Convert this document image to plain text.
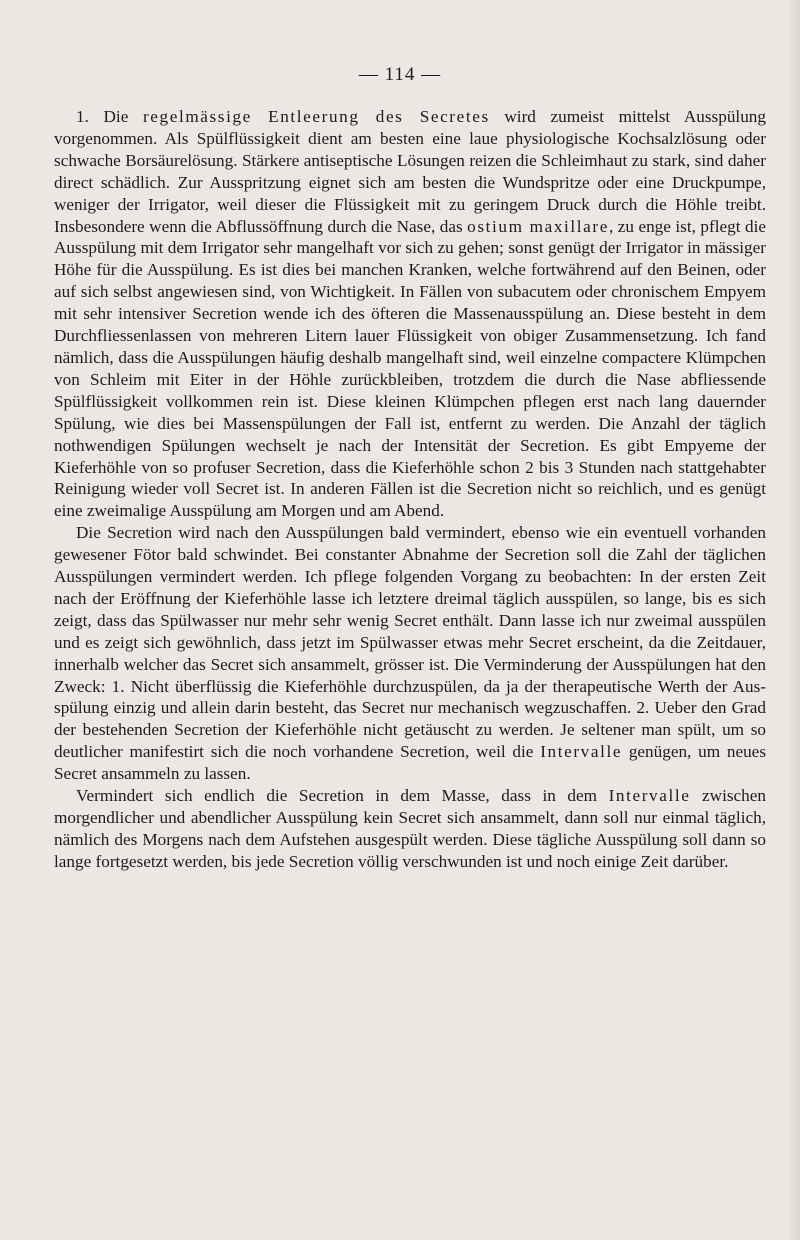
— 114 —

1. Die regelmässige Entleerung des Secretes wird zumeist mittelst Ausspülung vorgenommen. Als Spülflüssigkeit dient am besten eine laue physiologische Kochsalzlösung oder schwache Borsäurelösung. Stärkere antiseptische Lösungen reizen die Schleimhaut zu stark, sind daher direct schädlich. Zur Ausspritzung eignet sich am besten die Wundspritze oder eine Druckpumpe, weniger der Irrigator, weil dieser die Flüssigkeit mit zu geringem Druck durch die Höhle treibt. Insbesondere wenn die Abflussöffnung durch die Nase, das ostium maxillare, zu enge ist, pflegt die Ausspülung mit dem Irrigator sehr mangelhaft vor sich zu gehen; sonst genügt der Irrigator in mässiger Höhe für die Ausspülung. Es ist dies bei manchen Kranken, welche fortwährend auf den Beinen, oder auf sich selbst angewiesen sind, von Wichtigkeit. In Fällen von subacutem oder chronischem Empyem mit sehr intensiver Secretion wende ich des öfteren die Massenausspülung an. Diese besteht in dem Durchfliessenlassen von mehreren Litern lauer Flüssigkeit von obiger Zusammensetzung. Ich fand nämlich, dass die Ausspülungen häufig deshalb mangelhaft sind, weil einzelne compactere Klümpchen von Schleim mit Eiter in der Höhle zurückbleiben, trotzdem die durch die Nase abfliessende Spülflüssigkeit vollkommen rein ist. Diese kleinen Klümpchen pflegen erst nach lang dauernder Spülung, wie dies bei Massenspülungen der Fall ist, entfernt zu werden. Die Anzahl der täglich nothwendigen Spülungen wechselt je nach der Intensität der Secretion. Es gibt Empyeme der Kieferhöhle von so profuser Secretion, dass die Kieferhöhle schon 2 bis 3 Stunden nach stattgehabter Reinigung wieder voll Secret ist. In anderen Fällen ist die Secretion nicht so reichlich, und es genügt eine zweimalige Ausspülung am Morgen und am Abend.

Die Secretion wird nach den Ausspülungen bald vermindert, ebenso wie ein eventuell vorhanden gewesener Fötor bald schwindet. Bei constanter Abnahme der Secretion soll die Zahl der täglichen Ausspülungen vermindert werden. Ich pflege folgenden Vorgang zu beobachten: In der ersten Zeit nach der Eröffnung der Kieferhöhle lasse ich letztere dreimal täglich ausspülen, so lange, bis es sich zeigt, dass das Spülwasser nur mehr sehr wenig Secret enthält. Dann lasse ich nur zweimal ausspülen und es zeigt sich gewöhnlich, dass jetzt im Spülwasser etwas mehr Secret erscheint, da die Zeitdauer, innerhalb welcher das Secret sich ansammelt, grösser ist. Die Verminderung der Ausspülungen hat den Zweck: 1. Nicht überflüssig die Kieferhöhle durchzuspülen, da ja der therapeutische Werth der Ausspülung einzig und allein darin besteht, das Secret nur mechanisch wegzuschaffen. 2. Ueber den Grad der bestehenden Secretion der Kieferhöhle nicht getäuscht zu werden. Je seltener man spült, um so deutlicher manifestirt sich die noch vorhandene Secretion, weil die Intervalle genügen, um neues Secret ansammeln zu lassen.

Vermindert sich endlich die Secretion in dem Masse, dass in dem Intervalle zwischen morgendlicher und abendlicher Ausspülung kein Secret sich ansammelt, dann soll nur einmal täglich, nämlich des Morgens nach dem Aufstehen ausgespült werden. Diese tägliche Ausspülung soll dann so lange fortgesetzt werden, bis jede Secretion völlig verschwunden ist und noch einige Zeit darüber.
